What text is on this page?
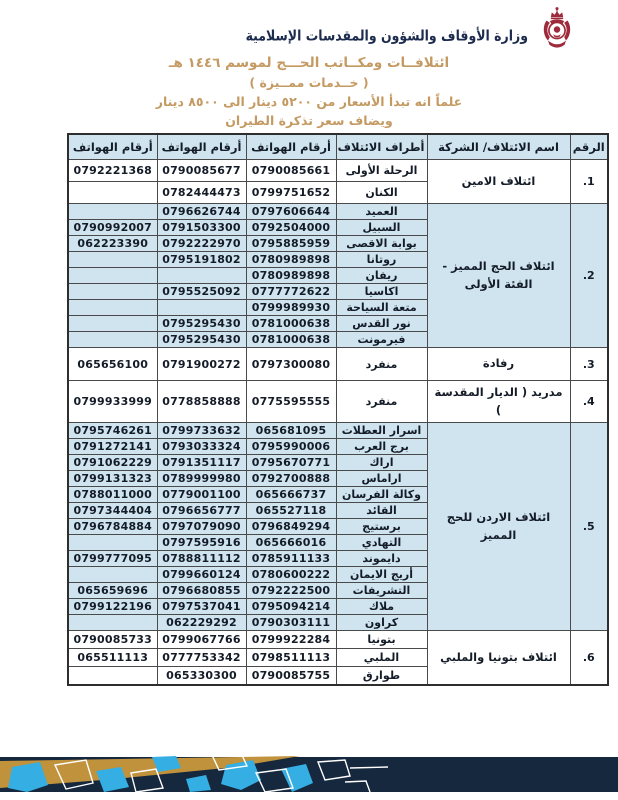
وزارة الأوقاف والشؤون والمقدسات الإسلامية
ائتلافــات ومكــاتب الحـــج لموسم ١٤٤٦ هـ
( خــدمات ممــيزة )
علماً انه تبدأ الأسعار من ٥٢٠٠ دينار الى ٨٥٠٠ دينار
ويضاف سعر تذكرة الطيران
الرقم	اسم الائتلاف/ الشركة	أطراف الائتلاف	أرقام الهواتف	أرقام الهواتف	أرقام الهواتف
1.	ائتلاف الامين	الرحلة الأولى	0790085661	0790085677	0792221368
		الكنان	0799751652	0782444473	
2.	ائتلاف الحج المميز - الفئة الأولى	العميد	0797606644	0796626744	
		السبيل	0792504000	0791503300	0790992007
		بوابة الاقصى	0795885959	0792222970	062223390
		روتانا	0780989898	0795191802	
		ريفان	0780989898		
		اكاسيا	0777772622	0795525092	
		متعة السياحة	0799989930		
		نور القدس	0781000638	0795295430	
		فيرمونت	0781000638	0795295430	
3.	رفادة	منفرد	0797300080	0791900272	065656100
4.	مدريد ( الديار المقدسة )	منفرد	0775595555	0778858888	0799933999
5.	ائتلاف الاردن للحج المميز	اسرار العطلات	065681095	0799733632	0795746261
		برج العرب	0795990006	0793033324	0791272141
		اراك	0795670771	0791351117	0791062229
		اراماس	0792700888	0789999980	0799131323
		وكالة الفرسان	065666737	0779001100	0788011000
		القائد	065527118	0796656777	0797344404
		برستيج	0796849294	0797079090	0796784884
		التهادي	065666016	0797595916	
		دايموند	0785911133	0788811112	0799777095
		أريج الايمان	0780600222	0799660124	
		التشريفات	0792222500	0796680855	065659696
		ملاك	0795094214	0797537041	0799122196
		كراون	0790303111	062229292	
6.	ائتلاف بتونيا والملبي	بتونيا	0799922284	0799067766	0790085733
		الملبي	0798511113	0777753342	065511113
		طوارق	0790085755	065330300	
